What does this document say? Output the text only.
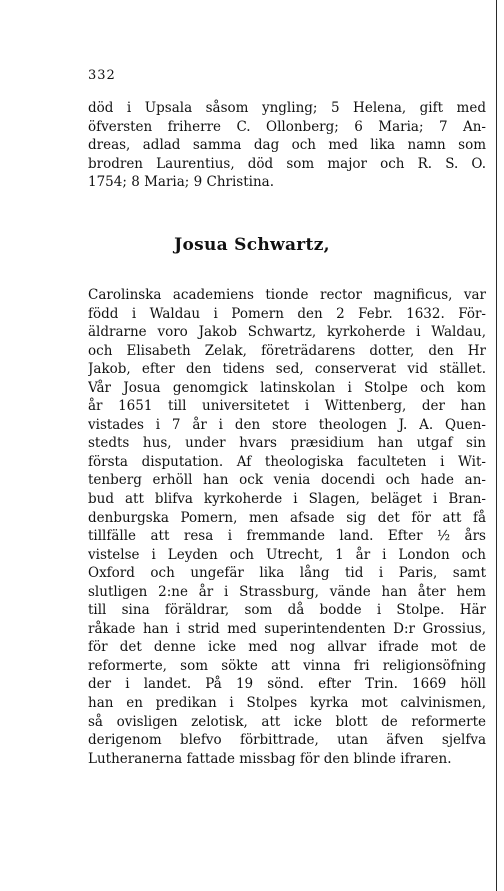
332
död i Upsala såsom yngling; 5 Helena, gift med
öfversten friherre C. Ollonberg; 6 Maria; 7 An-
dreas, adlad samma dag och med lika namn som
brodren Laurentius, död som major och R. S. O.
1754; 8 Maria; 9 Christina.
Josua Schwartz,
Carolinska academiens tionde rector magnificus, var
född i Waldau i Pomern den 2 Febr. 1632. För-
äldrarne voro Jakob Schwartz, kyrkoherde i Waldau,
och Elisabeth Zelak, företrädarens dotter, den Hr
Jakob, efter den tidens sed, conserverat vid stället.
Vår Josua genomgick latinskolan i Stolpe och kom
år 1651 till universitetet i Wittenberg, der han
vistades i 7 år i den store theologen J. A. Quen-
stedts hus, under hvars præsidium han utgaf sin
första disputation. Af theologiska faculteten i Wit-
tenberg erhöll han ock venia docendi och hade an-
bud att blifva kyrkoherde i Slagen, beläget i Bran-
denburgska Pomern, men afsade sig det för att få
tillfälle att resa i fremmande land. Efter ½ års
vistelse i Leyden och Utrecht, 1 år i London och
Oxford och ungefär lika lång tid i Paris, samt
slutligen 2:ne år i Strassburg, vände han åter hem
till sina föräldrar, som då bodde i Stolpe. Här
råkade han i strid med superintendenten D:r Grossius,
för det denne icke med nog allvar ifrade mot de
reformerte, som sökte att vinna fri religionsöfning
der i landet. På 19 sönd. efter Trin. 1669 höll
han en predikan i Stolpes kyrka mot calvinismen,
så ovisligen zelotisk, att icke blott de reformerte
derigenom blefvo förbittrade, utan äfven sjelfva
Lutheranerna fattade missbag för den blinde ifraren.
